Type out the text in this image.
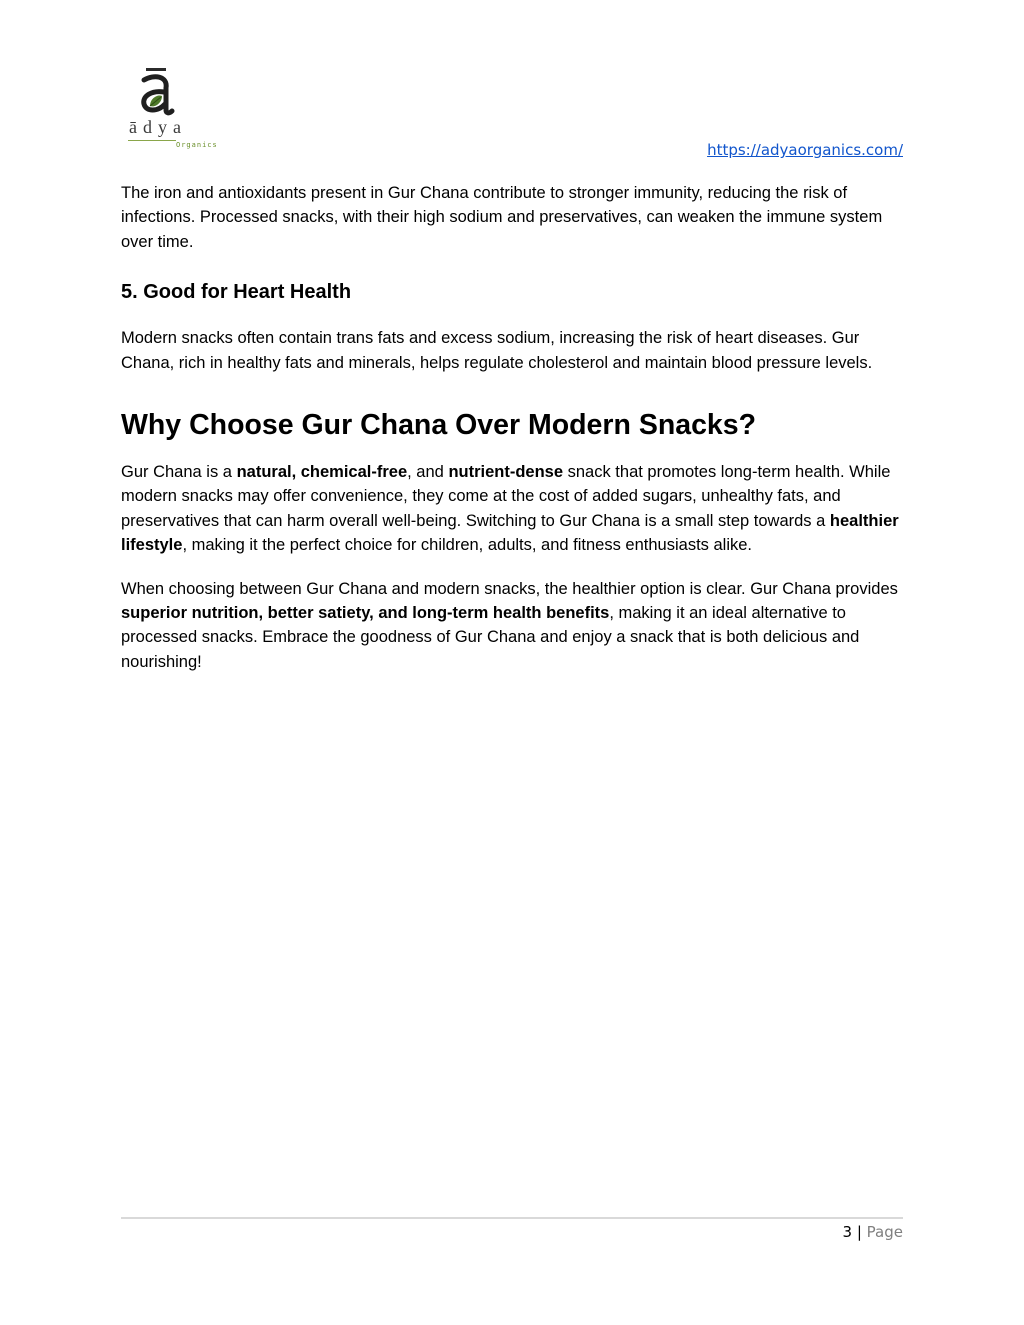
ādya
Organics	https://adyaorganics.com/

The iron and antioxidants present in Gur Chana contribute to stronger immunity, reducing the risk of infections. Processed snacks, with their high sodium and preservatives, can weaken the immune system over time.

5. Good for Heart Health

Modern snacks often contain trans fats and excess sodium, increasing the risk of heart diseases. Gur Chana, rich in healthy fats and minerals, helps regulate cholesterol and maintain blood pressure levels.

Why Choose Gur Chana Over Modern Snacks?

Gur Chana is a natural, chemical-free, and nutrient-dense snack that promotes long-term health. While modern snacks may offer convenience, they come at the cost of added sugars, unhealthy fats, and preservatives that can harm overall well-being. Switching to Gur Chana is a small step towards a healthier lifestyle, making it the perfect choice for children, adults, and fitness enthusiasts alike.

When choosing between Gur Chana and modern snacks, the healthier option is clear. Gur Chana provides superior nutrition, better satiety, and long-term health benefits, making it an ideal alternative to processed snacks. Embrace the goodness of Gur Chana and enjoy a snack that is both delicious and nourishing!

3 | Page
